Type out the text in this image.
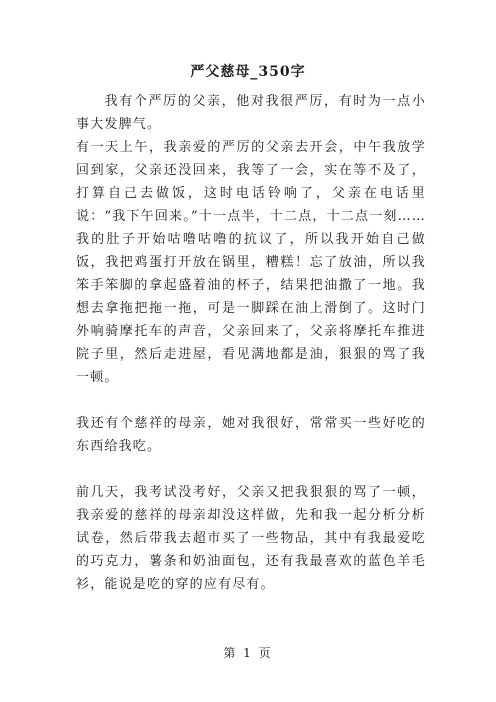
严父慈母_350字

我有个严厉的父亲，他对我很严厉，有时为一点小事大发脾气。

有一天上午，我亲爱的严厉的父亲去开会，中午我放学回到家，父亲还没回来，我等了一会，实在等不及了，打算自己去做饭，这时电话铃响了，父亲在电话里说：“我下午回来。”十一点半，十二点，十二点一刻……我的肚子开始咕噜咕噜的抗议了，所以我开始自己做饭，我把鸡蛋打开放在锅里，糟糕！忘了放油，所以我笨手笨脚的拿起盛着油的杯子，结果把油撒了一地。我想去拿拖把拖一拖，可是一脚踩在油上滑倒了。这时门外响骑摩托车的声音，父亲回来了，父亲将摩托车推进院子里，然后走进屋，看见满地都是油，狠狠的骂了我一顿。

我还有个慈祥的母亲，她对我很好，常常买一些好吃的东西给我吃。

前几天，我考试没考好，父亲又把我狠狠的骂了一顿，我亲爱的慈祥的母亲却没这样做，先和我一起分析分析试卷，然后带我去超市买了一些物品，其中有我最爱吃的巧克力，薯条和奶油面包，还有我最喜欢的蓝色羊毛衫，能说是吃的穿的应有尽有。

第 1 页
